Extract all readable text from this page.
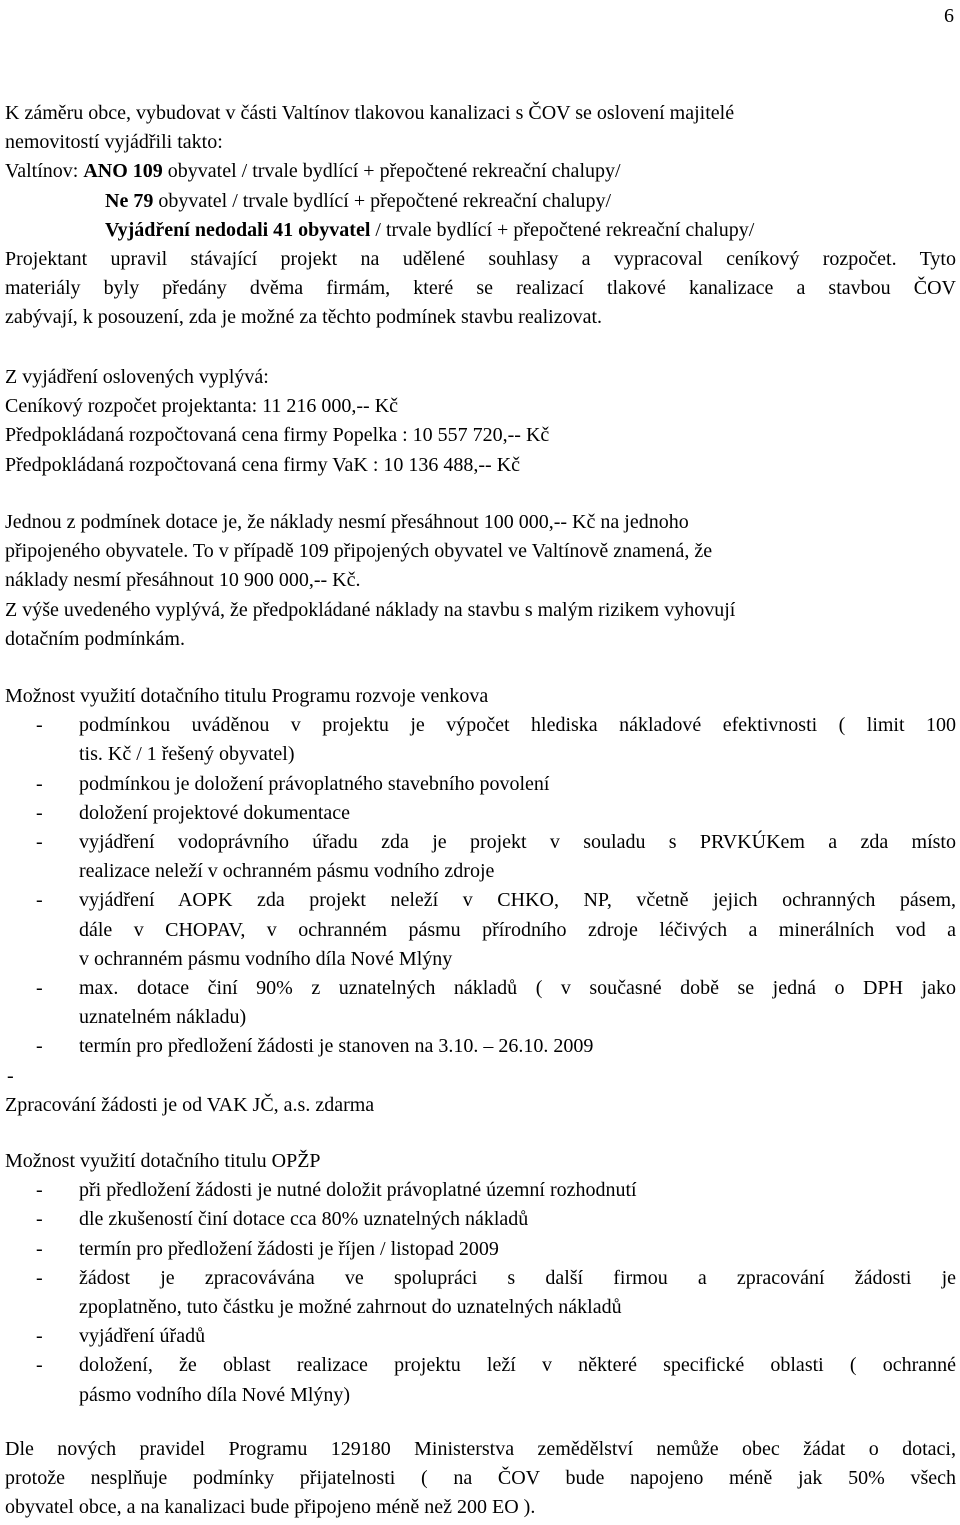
6
K záměru obce, vybudovat v části Valtínov tlakovou kanalizaci s ČOV se oslovení majitelé
nemovitostí vyjádřili takto:
Valtínov: ANO 109 obyvatel / trvale bydlící + přepočtené rekreační chalupy/
Ne 79 obyvatel / trvale bydlící + přepočtené rekreační chalupy/
Vyjádření nedodali 41 obyvatel / trvale bydlící + přepočtené rekreační chalupy/
Projektant upravil stávající projekt na udělené souhlasy a vypracoval ceníkový rozpočet. Tyto
materiály byly předány dvěma firmám, které se realizací tlakové kanalizace a stavbou ČOV
zabývají, k posouzení, zda je možné za těchto podmínek stavbu realizovat.
Z vyjádření oslovených vyplývá:
Ceníkový rozpočet projektanta: 11 216 000,-- Kč
Předpokládaná rozpočtovaná cena firmy Popelka : 10 557 720,-- Kč
Předpokládaná rozpočtovaná cena firmy VaK : 10 136 488,-- Kč
Jednou z podmínek dotace je, že náklady nesmí přesáhnout 100 000,-- Kč na jednoho
připojeného obyvatele. To v případě 109 připojených obyvatel ve Valtínově znamená, že
náklady nesmí přesáhnout 10 900 000,-- Kč.
Z výše uvedeného vyplývá, že předpokládané náklady na stavbu s malým rizikem vyhovují
dotačním podmínkám.
Možnost využití dotačního titulu Programu rozvoje venkova
- podmínkou uváděnou v projektu je výpočet hlediska nákladové efektivnosti ( limit 100
tis. Kč / 1 řešený obyvatel)
- podmínkou je doložení právoplatného stavebního povolení
- doložení projektové dokumentace
- vyjádření vodoprávního úřadu zda je projekt v souladu s PRVKÚKem a zda místo
realizace neleží v ochranném pásmu vodního zdroje
- vyjádření AOPK zda projekt neleží v CHKO, NP, včetně jejich ochranných pásem,
dále v CHOPAV, v ochranném pásmu přírodního zdroje léčivých a minerálních vod a
v ochranném pásmu vodního díla Nové Mlýny
- max. dotace činí 90% z uznatelných nákladů ( v současné době se jedná o DPH jako
uznatelném nákladu)
- termín pro předložení žádosti je stanoven na 3.10. – 26.10. 2009
-
Zpracování žádosti je od VAK JČ, a.s. zdarma
Možnost využití dotačního titulu OPŽP
- při předložení žádosti je nutné doložit právoplatné územní rozhodnutí
- dle zkušeností činí dotace cca 80% uznatelných nákladů
- termín pro předložení žádosti je říjen / listopad 2009
- žádost je zpracovávána ve spolupráci s další firmou a zpracování žádosti je
zpoplatněno, tuto částku je možné zahrnout do uznatelných nákladů
- vyjádření úřadů
- doložení, že oblast realizace projektu leží v některé specifické oblasti ( ochranné
pásmo vodního díla Nové Mlýny)
Dle nových pravidel Programu 129180 Ministerstva zemědělství nemůže obec žádat o dotaci,
protože nesplňuje podmínky přijatelnosti ( na ČOV bude napojeno méně jak 50% všech
obyvatel obce, a na kanalizaci bude připojeno méně než 200 EO ).
